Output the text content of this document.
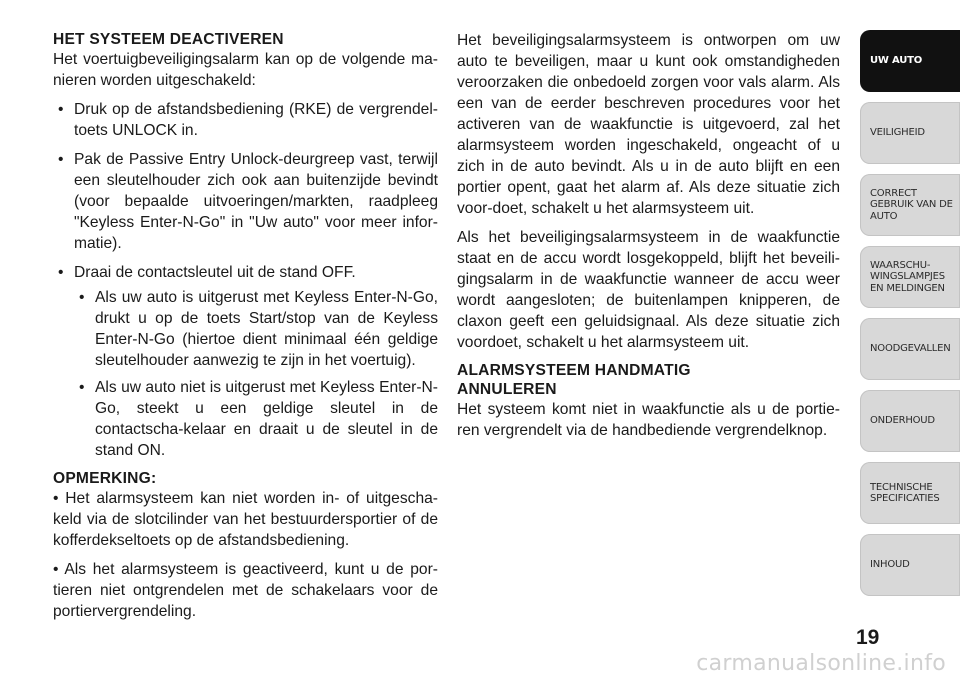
HET SYSTEEM DEACTIVEREN

Het voertuigbeveiligingsalarm kan op de volgende ma-nieren worden uitgeschakeld:

• Druk op de afstandsbediening (RKE) de vergrendel-toets UNLOCK in.
• Pak de Passive Entry Unlock-deurgreep vast, terwijl een sleutelhouder zich ook aan buitenzijde bevindt (voor bepaalde uitvoeringen/markten, raadpleeg "Keyless Enter-N-Go" in "Uw auto" voor meer infor-matie).
• Draai de contactsleutel uit de stand OFF.
• Als uw auto is uitgerust met Keyless Enter-N-Go, drukt u op de toets Start/stop van de Keyless Enter-N-Go (hiertoe dient minimaal één geldige sleutelhouder aanwezig te zijn in het voertuig).
• Als uw auto niet is uitgerust met Keyless Enter-N-Go, steekt u een geldige sleutel in de contactscha-kelaar en draait u de sleutel in de stand ON.
OPMERKING:

• Het alarmsysteem kan niet worden in- of uitgescha-keld via de slotcilinder van het bestuurdersportier of de kofferdekseltoets op de afstandsbediening.

• Als het alarmsysteem is geactiveerd, kunt u de por-tieren niet ontgrendelen met de schakelaars voor de portiervergrendeling.

Het beveiligingsalarmsysteem is ontworpen om uw auto te beveiligen, maar u kunt ook omstandigheden veroorzaken die onbedoeld zorgen voor vals alarm. Als een van de eerder beschreven procedures voor het activeren van de waakfunctie is uitgevoerd, zal het alarmsysteem worden ingeschakeld, ongeacht of u zich in de auto bevindt. Als u in de auto blijft en een portier opent, gaat het alarm af. Als deze situatie zich voor-doet, schakelt u het alarmsysteem uit.

Als het beveiligingsalarmsysteem in de waakfunctie staat en de accu wordt losgekoppeld, blijft het beveili-gingsalarm in de waakfunctie wanneer de accu weer wordt aangesloten; de buitenlampen knipperen, de claxon geeft een geluidsignaal. Als deze situatie zich voordoet, schakelt u het alarmsysteem uit.

ALARMSYSTEEM HANDMATIG
ANNULEREN

Het systeem komt niet in waakfunctie als u de portie-ren vergrendelt via de handbediende vergrendelknop.

UW AUTO
VEILIGHEID
CORRECT GEBRUIK VAN DE AUTO
WAARSCHU-WINGSLAMPJES EN MELDINGEN
NOODGEVALLEN
ONDERHOUD
TECHNISCHE SPECIFICATIES
INHOUD
19
carmanualsonline.info
